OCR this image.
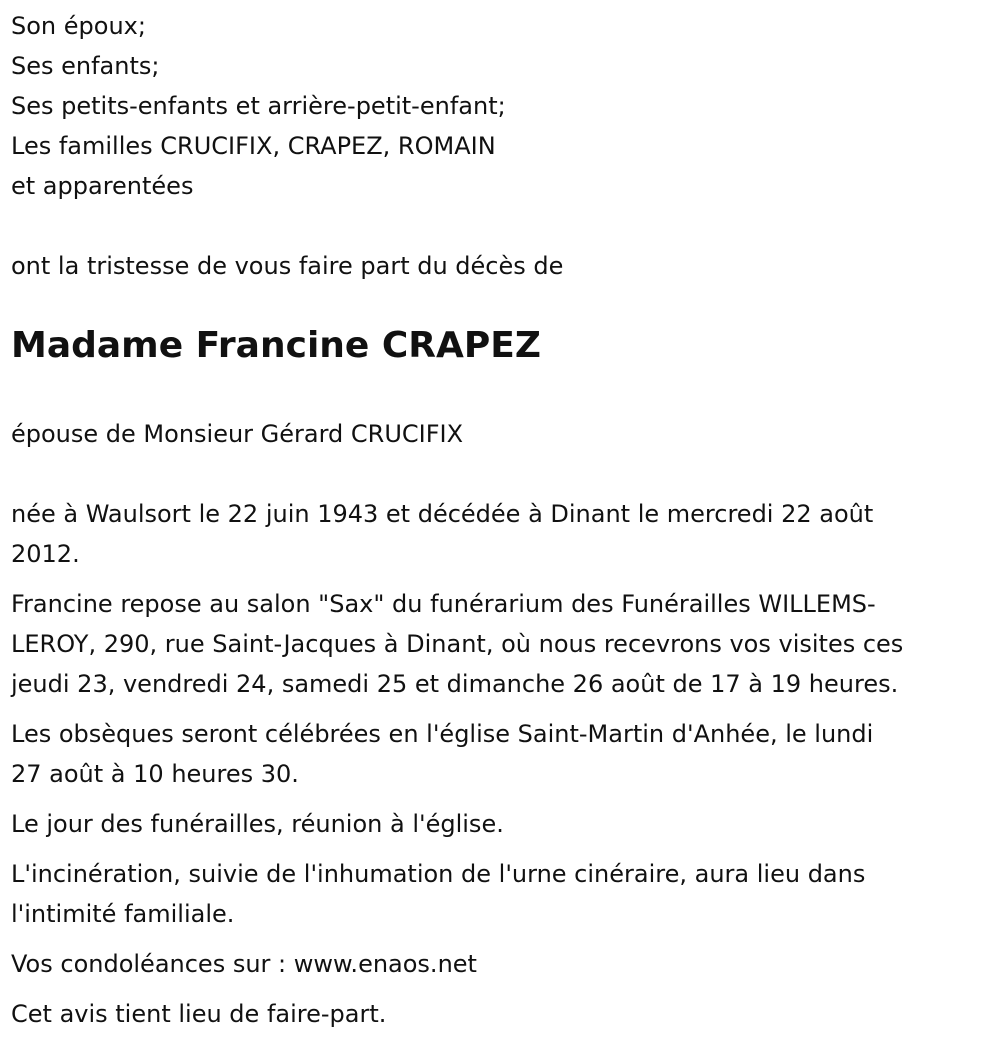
Son époux;

Ses enfants;

Ses petits-enfants et arrière-petit-enfant;

Les familles CRUCIFIX, CRAPEZ, ROMAIN

et apparentées

ont la tristesse de vous faire part du décès de

Madame Francine CRAPEZ

épouse de Monsieur Gérard CRUCIFIX

née à Waulsort le 22 juin 1943 et décédée à Dinant le mercredi 22 août
2012.
Francine repose au salon "Sax" du funérarium des Funérailles WILLEMS-
LEROY, 290, rue Saint-Jacques à Dinant, où nous recevrons vos visites ces
jeudi 23, vendredi 24, samedi 25 et dimanche 26 août de 17 à 19 heures.
Les obsèques seront célébrées en l'église Saint-Martin d'Anhée, le lundi
27 août à 10 heures 30.
Le jour des funérailles, réunion à l'église.
L'incinération, suivie de l'inhumation de l'urne cinéraire, aura lieu dans
l'intimité familiale.
Vos condoléances sur : www.enaos.net
Cet avis tient lieu de faire-part.
